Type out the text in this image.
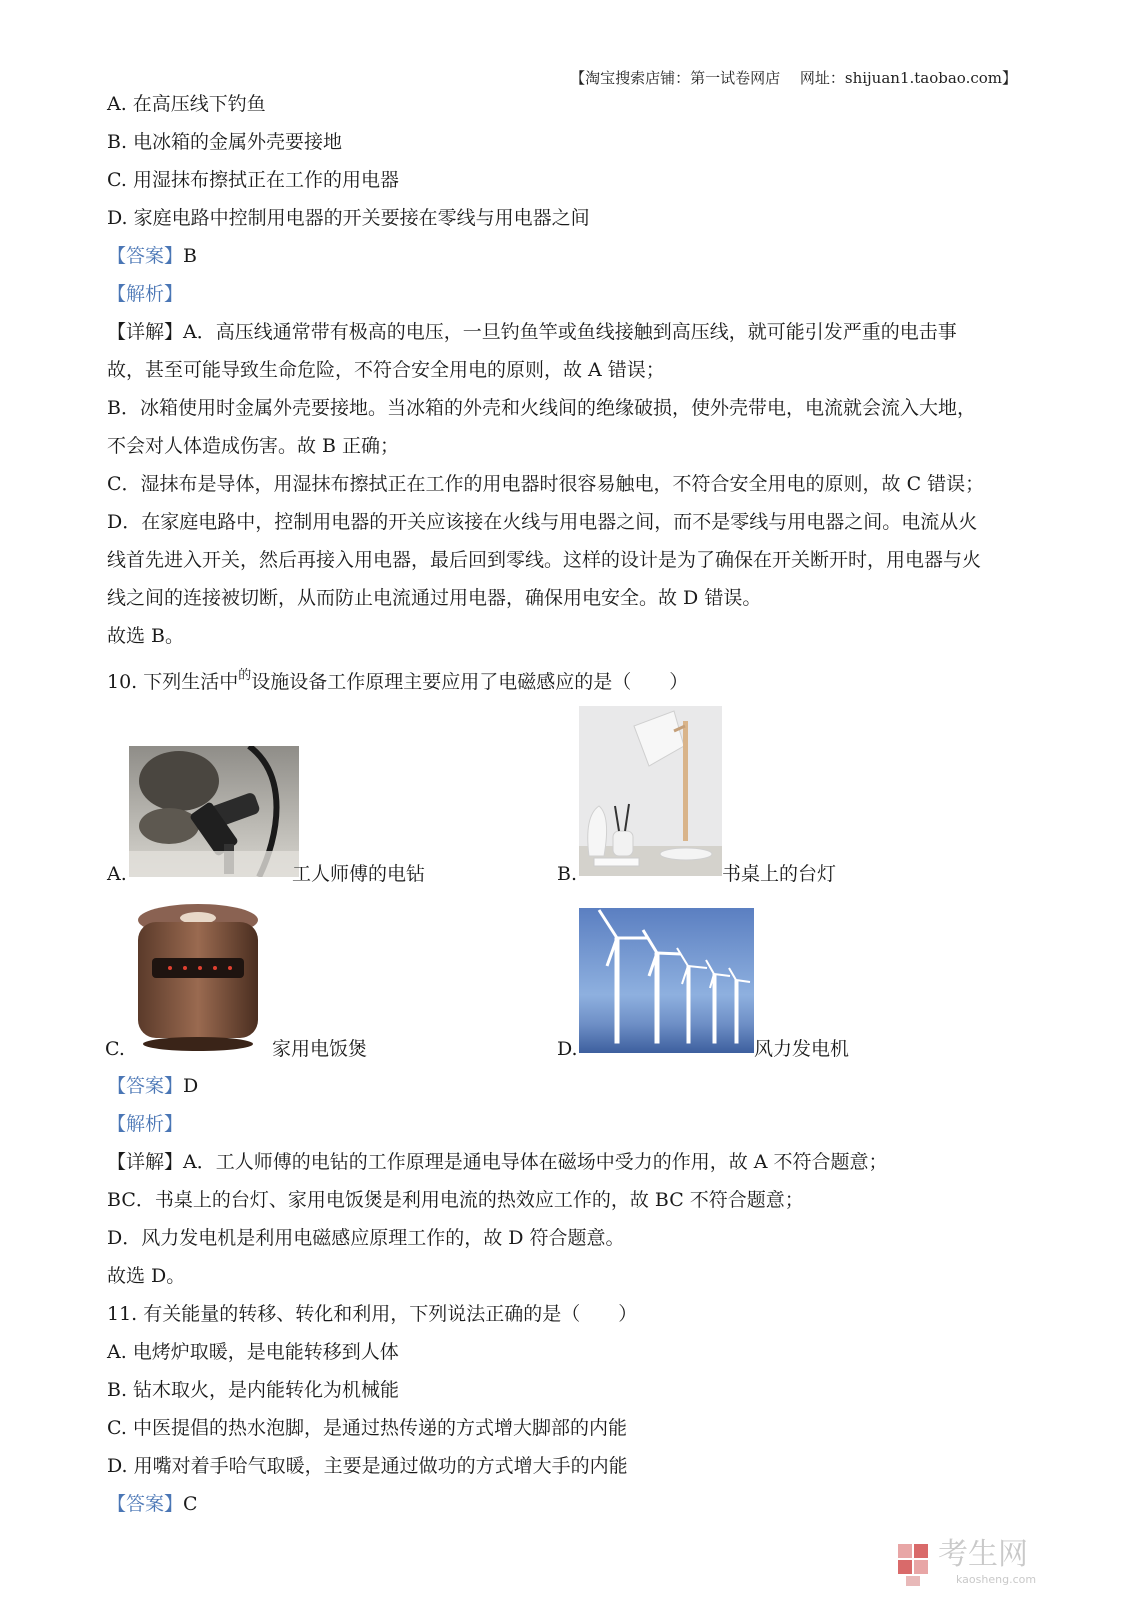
【淘宝搜索店铺：第一试卷网店　 网址：shijuan1.taobao.com】
A. 在高压线下钓鱼
B. 电冰箱的金属外壳要接地
C. 用湿抹布擦拭正在工作的用电器
D. 家庭电路中控制用电器的开关要接在零线与用电器之间
【答案】B
【解析】
【详解】A．高压线通常带有极高的电压，一旦钓鱼竿或鱼线接触到高压线，就可能引发严重的电击事
故，甚至可能导致生命危险，不符合安全用电的原则，故 A 错误；
B．冰箱使用时金属外壳要接地。当冰箱的外壳和火线间的绝缘破损，使外壳带电，电流就会流入大地，
不会对人体造成伤害。故 B 正确；
C．湿抹布是导体，用湿抹布擦拭正在工作的用电器时很容易触电，不符合安全用电的原则，故 C 错误；
D．在家庭电路中，控制用电器的开关应该接在火线与用电器之间，而不是零线与用电器之间。电流从火
线首先进入开关，然后再接入用电器，最后回到零线。这样的设计是为了确保在开关断开时，用电器与火
线之间的连接被切断，从而防止电流通过用电器，确保用电安全。故 D 错误。
故选 B。
10. 下列生活中$^的$设施设备工作原理主要应用了电磁感应的是（　　）
A.	工人师傅的电钻	B.	书桌上的台灯
C.	家用电饭煲	D.	风力发电机
【答案】D
【解析】
【详解】A．工人师傅的电钻的工作原理是通电导体在磁场中受力的作用，故 A 不符合题意；
BC．书桌上的台灯、家用电饭煲是利用电流的热效应工作的，故 BC 不符合题意；
D．风力发电机是利用电磁感应原理工作的，故 D 符合题意。
故选 D。
11. 有关能量的转移、转化和利用，下列说法正确的是（　　）
A. 电烤炉取暖，是电能转移到人体
B. 钻木取火，是内能转化为机械能
C. 中医提倡的热水泡脚，是通过热传递的方式增大脚部的内能
D. 用嘴对着手哈气取暖，主要是通过做功的方式增大手的内能
【答案】C
考生网
kaosheng.com
